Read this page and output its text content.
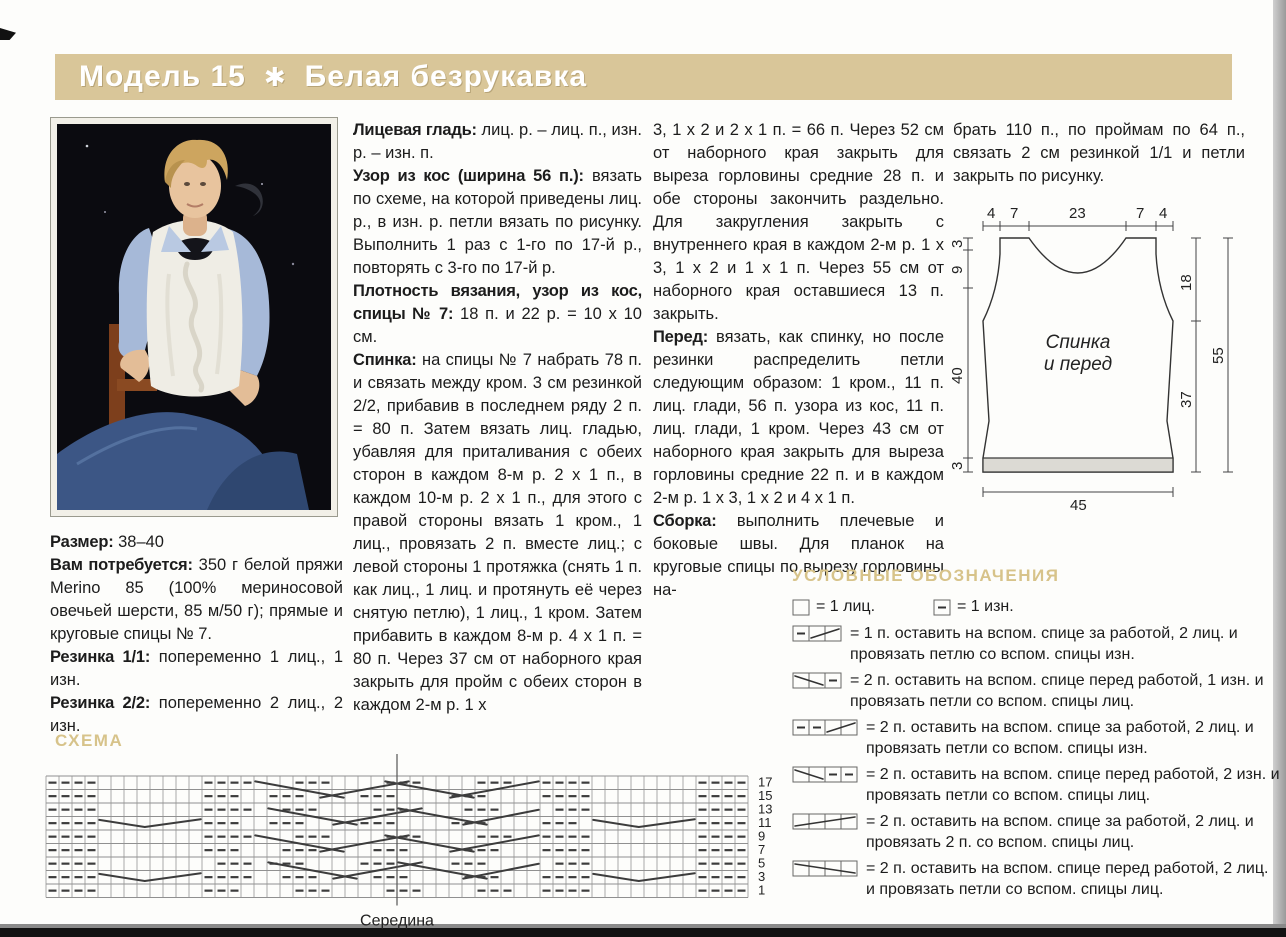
Модель 15 ✱ Белая безрукавка

Размер: 38–40

Вам потребуется: 350 г белой пряжи Merino 85 (100% мериносовой овечьей шерсти, 85 м/50 г); прямые и круговые спицы № 7.

Резинка 1/1: попеременно 1 лиц., 1 изн.

Резинка 2/2: попеременно 2 лиц., 2 изн.

Лицевая гладь: лиц. р. – лиц. п., изн. р. – изн. п.

Узор из кос (ширина 56 п.): вязать по схеме, на которой приведены лиц. р., в изн. р. петли вязать по рисунку. Выполнить 1 раз с 1-го по 17-й р., повторять с 3-го по 17-й р.

Плотность вязания, узор из кос, спицы № 7: 18 п. и 22 р. = 10 х 10 см.

Спинка: на спицы № 7 набрать 78 п. и связать между кром. 3 см резинкой 2/2, прибавив в последнем ряду 2 п. = 80 п. Затем вязать лиц. гладью, убавляя для приталивания с обеих сторон в каждом 8-м р. 2 х 1 п., в каждом 10-м р. 2 х 1 п., для этого с правой стороны вязать 1 кром., 1 лиц., провязать 2 п. вместе лиц.; с левой стороны 1 протяжка (снять 1 п. как лиц., 1 лиц. и протянуть её через снятую петлю), 1 лиц., 1 кром. Затем прибавить в каждом 8-м р. 4 х 1 п. = 80 п. Через 37 см от наборного края закрыть для пройм с обеих сторон в каждом 2-м р. 1 х

3, 1 х 2 и 2 х 1 п. = 66 п. Через 52 см от наборного края закрыть для выреза горловины средние 28 п. и обе стороны закончить раздельно. Для закругления закрыть с внутреннего края в каждом 2-м р. 1 х 3, 1 х 2 и 1 х 1 п. Через 55 см от наборного края оставшиеся 13 п. закрыть.

Перед: вязать, как спинку, но после резинки распределить петли следующим образом: 1 кром., 11 п. лиц. глади, 56 п. узора из кос, 11 п. лиц. глади, 1 кром. Через 43 см от наборного края закрыть для выреза горловины средние 22 п. и в каждом 2-м р. 1 х 3, 1 х 2 и 4 х 1 п.

Сборка: выполнить плечевые и боковые швы. Для планок на круговые спицы по вырезу горловины на-

брать 110 п., по проймам по 64 п., связать 2 см резинкой 1/1 и петли закрыть по рисунку.

4 7	23	7 4
3
9
40
3
18
37
55
45
Спинка
и перед
УСЛОВНЫЕ ОБОЗНАЧЕНИЯ
= 1 лиц.	= 1 изн.
= 1 п. оставить на вспом. спице за работой, 2 лиц. и провязать петлю со вспом. спицы изн.
= 2 п. оставить на вспом. спице перед работой, 1 изн. и провязать петли со вспом. спицы лиц.
= 2 п. оставить на вспом. спице за работой, 2 лиц. и провязать петли со вспом. спицы изн.
= 2 п. оставить на вспом. спице перед работой, 2 изн. и провязать петли со вспом. спицы лиц.
= 2 п. оставить на вспом. спице за работой, 2 лиц. и провязать 2 п. со вспом. спицы лиц.
= 2 п. оставить на вспом. спице перед работой, 2 лиц. и провязать петли со вспом. спицы лиц.
СХЕМА
17
15
13
11
9
7
5
3
1
Середина
